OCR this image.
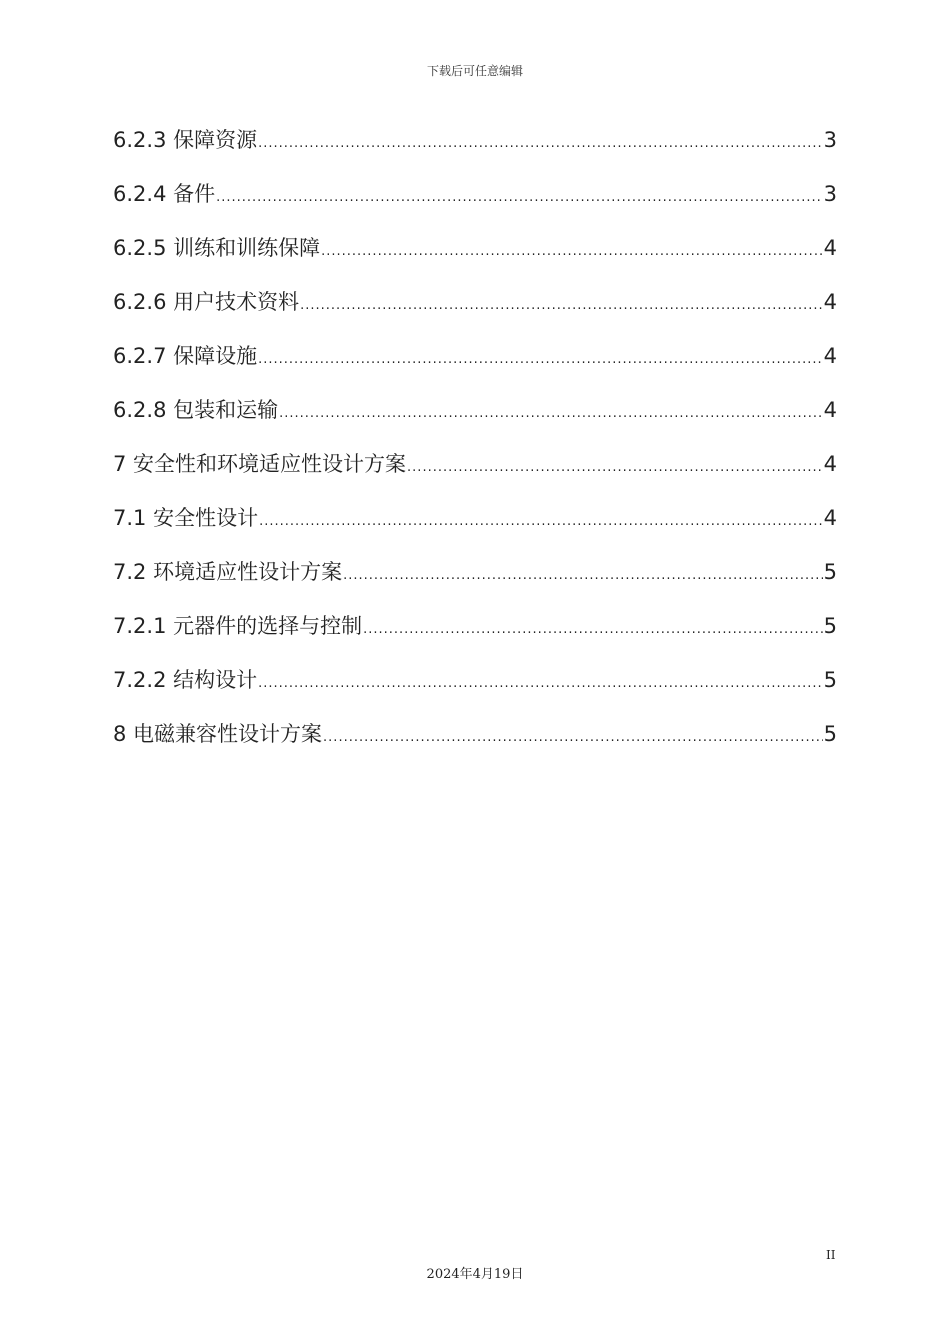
下载后可任意编辑
6.2.3 保障资源 .....	3
6.2.4 备件 .....	3
6.2.5 训练和训练保障 .....	4
6.2.6 用户技术资料 .....	4
6.2.7 保障设施 .....	4
6.2.8 包装和运输 .....	4
7 安全性和环境适应性设计方案 .....	4
7.1 安全性设计 .....	4
7.2 环境适应性设计方案 .....	5
7.2.1 元器件的选择与控制 .....	5
7.2.2 结构设计 .....	5
8 电磁兼容性设计方案 .....	5
II
2024年4月19日
